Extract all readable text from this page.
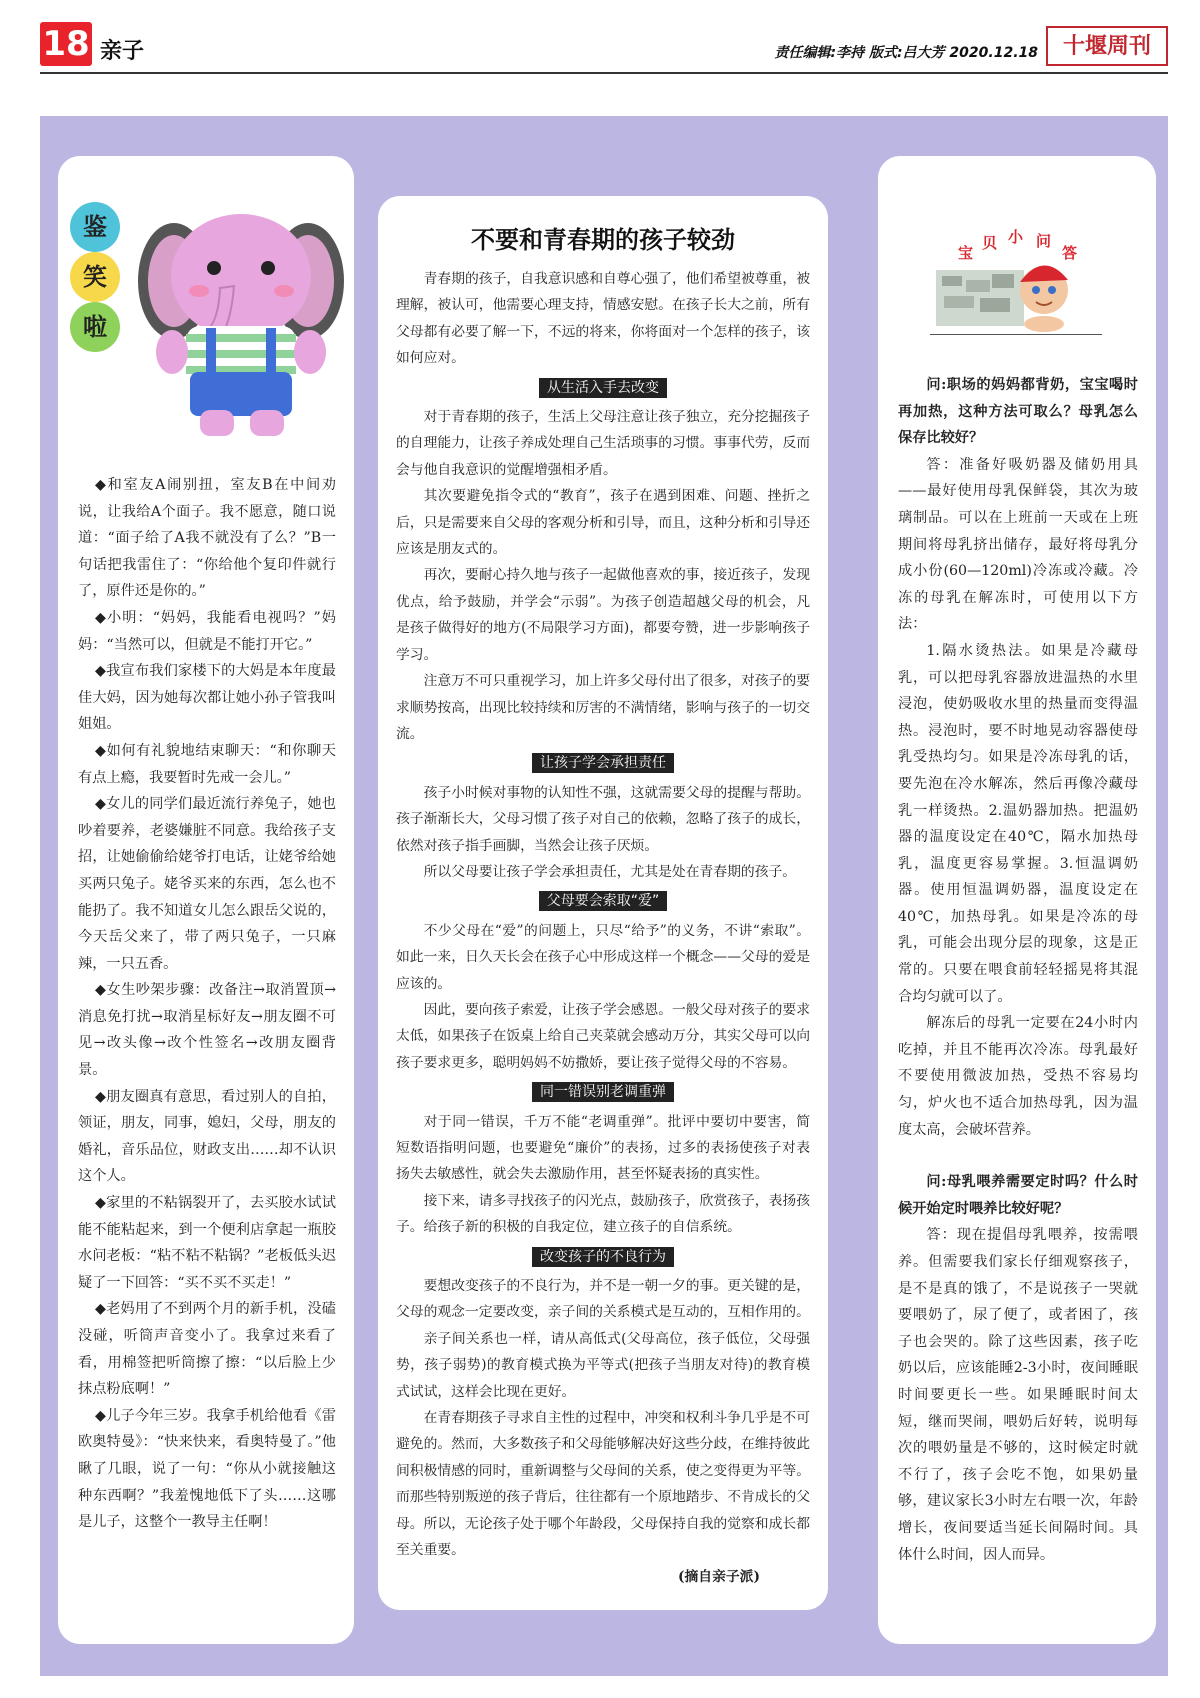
18 亲子	责任编辑:李持 版式:吕大芳 2020.12.18	十堰周刊
鉴
笑
啦

◆和室友A闹别扭，室友B在中间劝说，让我给A个面子。我不愿意，随口说道：“面子给了A我不就没有了么？”B一句话把我雷住了：“你给他个复印件就行了，原件还是你的。”

◆小明：“妈妈，我能看电视吗？”妈妈：“当然可以，但就是不能打开它。”

◆我宣布我们家楼下的大妈是本年度最佳大妈，因为她每次都让她小孙子管我叫姐姐。

◆如何有礼貌地结束聊天：“和你聊天有点上瘾，我要暂时先戒一会儿。”

◆女儿的同学们最近流行养兔子，她也吵着要养，老婆嫌脏不同意。我给孩子支招，让她偷偷给姥爷打电话，让姥爷给她买两只兔子。姥爷买来的东西，怎么也不能扔了。我不知道女儿怎么跟岳父说的，今天岳父来了，带了两只兔子，一只麻辣，一只五香。

◆女生吵架步骤：改备注→取消置顶→消息免打扰→取消星标好友→朋友圈不可见→改头像→改个性签名→改朋友圈背景。

◆朋友圈真有意思，看过别人的自拍，领证，朋友，同事，媳妇，父母，朋友的婚礼，音乐品位，财政支出……却不认识这个人。

◆家里的不粘锅裂开了，去买胶水试试能不能粘起来，到一个便利店拿起一瓶胶水问老板：“粘不粘不粘锅？”老板低头迟疑了一下回答：“买不买不买走！”

◆老妈用了不到两个月的新手机，没磕没碰，听筒声音变小了。我拿过来看了看，用棉签把听筒擦了擦：“以后脸上少抹点粉底啊！”

◆儿子今年三岁。我拿手机给他看《雷欧奥特曼》：“快来快来，看奥特曼了。”他瞅了几眼，说了一句：“你从小就接触这种东西啊？”我羞愧地低下了头……这哪是儿子，这整个一教导主任啊！

不要和青春期的孩子较劲

青春期的孩子，自我意识感和自尊心强了，他们希望被尊重，被理解，被认可，他需要心理支持，情感安慰。在孩子长大之前，所有父母都有必要了解一下，不远的将来，你将面对一个怎样的孩子，该如何应对。

从生活入手去改变

对于青春期的孩子，生活上父母注意让孩子独立，充分挖掘孩子的自理能力，让孩子养成处理自己生活琐事的习惯。事事代劳，反而会与他自我意识的觉醒增强相矛盾。

其次要避免指令式的“教育”，孩子在遇到困难、问题、挫折之后，只是需要来自父母的客观分析和引导，而且，这种分析和引导还应该是朋友式的。

再次，要耐心持久地与孩子一起做他喜欢的事，接近孩子，发现优点，给予鼓励，并学会“示弱”。为孩子创造超越父母的机会，凡是孩子做得好的地方(不局限学习方面)，都要夸赞，进一步影响孩子学习。

注意万不可只重视学习，加上许多父母付出了很多，对孩子的要求顺势按高，出现比较持续和厉害的不满情绪，影响与孩子的一切交流。

让孩子学会承担责任

孩子小时候对事物的认知性不强，这就需要父母的提醒与帮助。孩子渐渐长大，父母习惯了孩子对自己的依赖，忽略了孩子的成长，依然对孩子指手画脚，当然会让孩子厌烦。

所以父母要让孩子学会承担责任，尤其是处在青春期的孩子。

父母要会索取“爱”

不少父母在“爱”的问题上，只尽“给予”的义务，不讲“索取”。如此一来，日久天长会在孩子心中形成这样一个概念——父母的爱是应该的。

因此，要向孩子索爱，让孩子学会感恩。一般父母对孩子的要求太低，如果孩子在饭桌上给自己夹菜就会感动万分，其实父母可以向孩子要求更多，聪明妈妈不妨撒娇，要让孩子觉得父母的不容易。

同一错误别老调重弹

对于同一错误，千万不能“老调重弹”。批评中要切中要害，简短数语指明问题，也要避免“廉价”的表扬，过多的表扬使孩子对表扬失去敏感性，就会失去激励作用，甚至怀疑表扬的真实性。

接下来，请多寻找孩子的闪光点，鼓励孩子，欣赏孩子，表扬孩子。给孩子新的积极的自我定位，建立孩子的自信系统。

改变孩子的不良行为

要想改变孩子的不良行为，并不是一朝一夕的事。更关键的是，父母的观念一定要改变，亲子间的关系模式是互动的，互相作用的。

亲子间关系也一样，请从高低式(父母高位，孩子低位，父母强势，孩子弱势)的教育模式换为平等式(把孩子当朋友对待)的教育模式试试，这样会比现在更好。

在青春期孩子寻求自主性的过程中，冲突和权利斗争几乎是不可避免的。然而，大多数孩子和父母能够解决好这些分歧，在维持彼此间积极情感的同时，重新调整与父母间的关系，使之变得更为平等。而那些特别叛逆的孩子背后，往往都有一个原地踏步、不肯成长的父母。所以，无论孩子处于哪个年龄段，父母保持自我的觉察和成长都至关重要。

(摘自亲子派)
宝
贝 小 问
答

问:职场的妈妈都背奶，宝宝喝时再加热，这种方法可取么？母乳怎么保存比较好？

答：准备好吸奶器及储奶用具——最好使用母乳保鲜袋，其次为玻璃制品。可以在上班前一天或在上班期间将母乳挤出储存，最好将母乳分成小份(60—120ml)冷冻或冷藏。冷冻的母乳在解冻时，可使用以下方法：

1.隔水烫热法。如果是冷藏母乳，可以把母乳容器放进温热的水里浸泡，使奶吸收水里的热量而变得温热。浸泡时，要不时地晃动容器使母乳受热均匀。如果是冷冻母乳的话，要先泡在冷水解冻，然后再像冷藏母乳一样烫热。2.温奶器加热。把温奶器的温度设定在40℃，隔水加热母乳，温度更容易掌握。3.恒温调奶器。使用恒温调奶器，温度设定在40℃，加热母乳。如果是冷冻的母乳，可能会出现分层的现象，这是正常的。只要在喂食前轻轻摇晃将其混合均匀就可以了。

解冻后的母乳一定要在24小时内吃掉，并且不能再次冷冻。母乳最好不要使用微波加热，受热不容易均匀，炉火也不适合加热母乳，因为温度太高，会破坏营养。

问:母乳喂养需要定时吗？什么时候开始定时喂养比较好呢？

答：现在提倡母乳喂养，按需喂养。但需要我们家长仔细观察孩子，是不是真的饿了，不是说孩子一哭就要喂奶了，尿了便了，或者困了，孩子也会哭的。除了这些因素，孩子吃奶以后，应该能睡2-3小时，夜间睡眠时间要更长一些。如果睡眠时间太短，继而哭闹，喂奶后好转，说明每次的喂奶量是不够的，这时候定时就不行了，孩子会吃不饱，如果奶量够，建议家长3小时左右喂一次，年龄增长，夜间要适当延长间隔时间。具体什么时间，因人而异。
